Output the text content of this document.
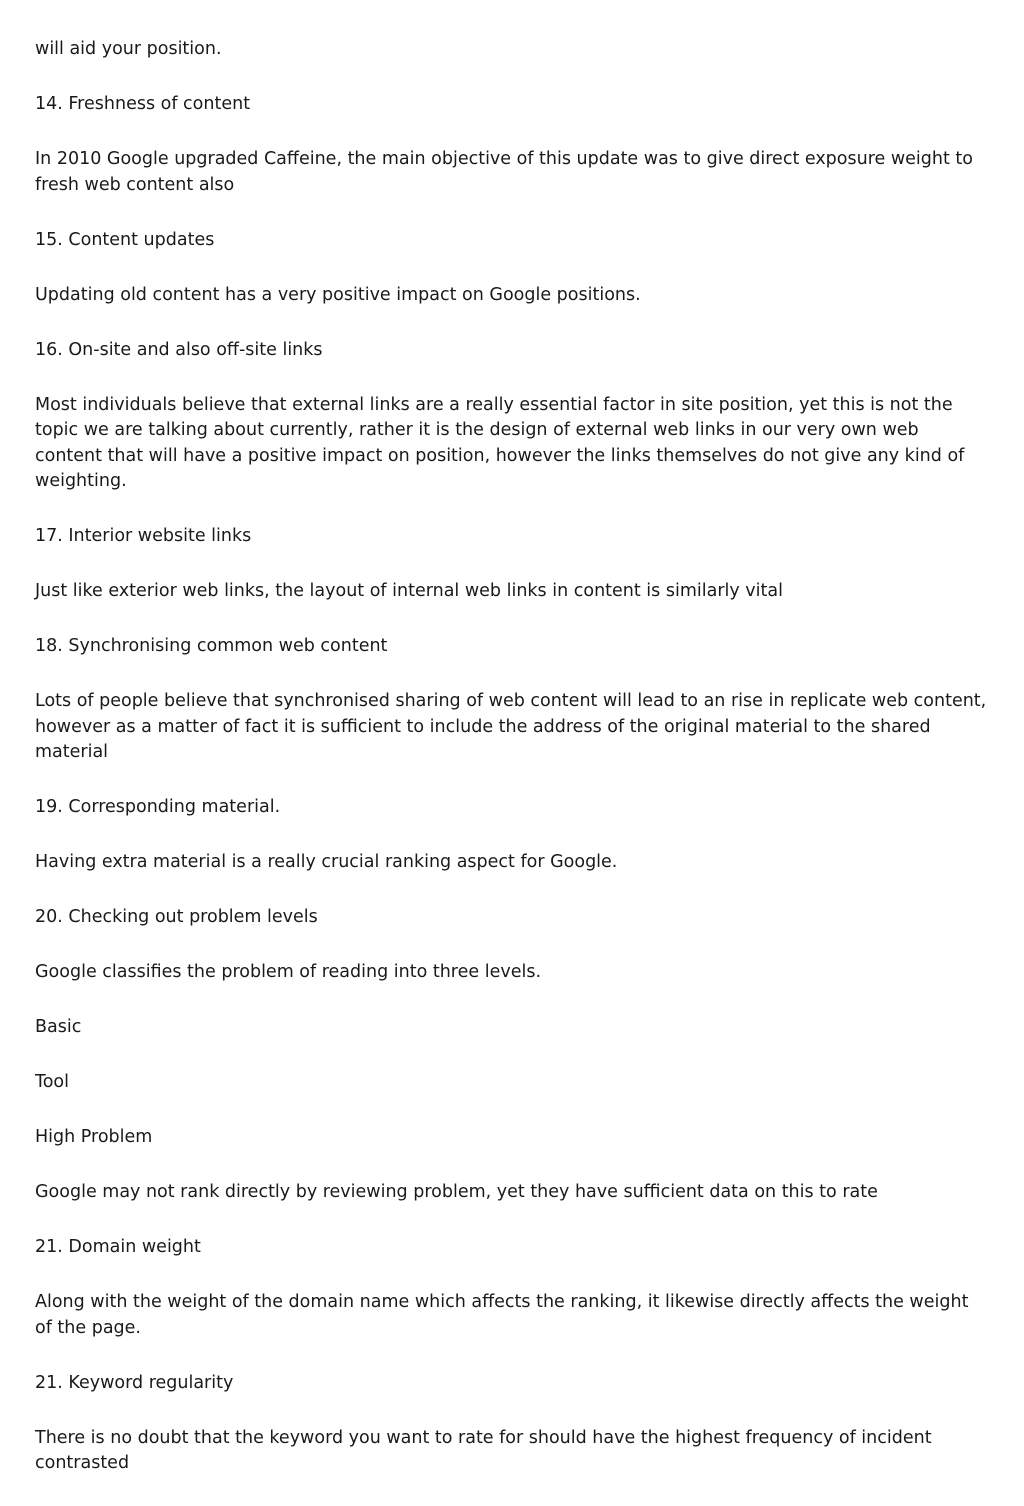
will aid your position.

14. Freshness of content

In 2010 Google upgraded Caffeine, the main objective of this update was to give direct exposure weight to fresh web content also

15. Content updates

Updating old content has a very positive impact on Google positions.

16. On-site and also off-site links

Most individuals believe that external links are a really essential factor in site position, yet this is not the topic we are talking about currently, rather it is the design of external web links in our very own web content that will have a positive impact on position, however the links themselves do not give any kind of weighting.

17. Interior website links

Just like exterior web links, the layout of internal web links in content is similarly vital

18. Synchronising common web content

Lots of people believe that synchronised sharing of web content will lead to an rise in replicate web content, however as a matter of fact it is sufficient to include the address of the original material to the shared material

19. Corresponding material.

Having extra material is a really crucial ranking aspect for Google.

20. Checking out problem levels

Google classifies the problem of reading into three levels.

Basic

Tool

High Problem

Google may not rank directly by reviewing problem, yet they have sufficient data on this to rate

21. Domain weight

Along with the weight of the domain name which affects the ranking, it likewise directly affects the weight of the page.

21. Keyword regularity

There is no doubt that the keyword you want to rate for should have the highest frequency of incident contrasted
